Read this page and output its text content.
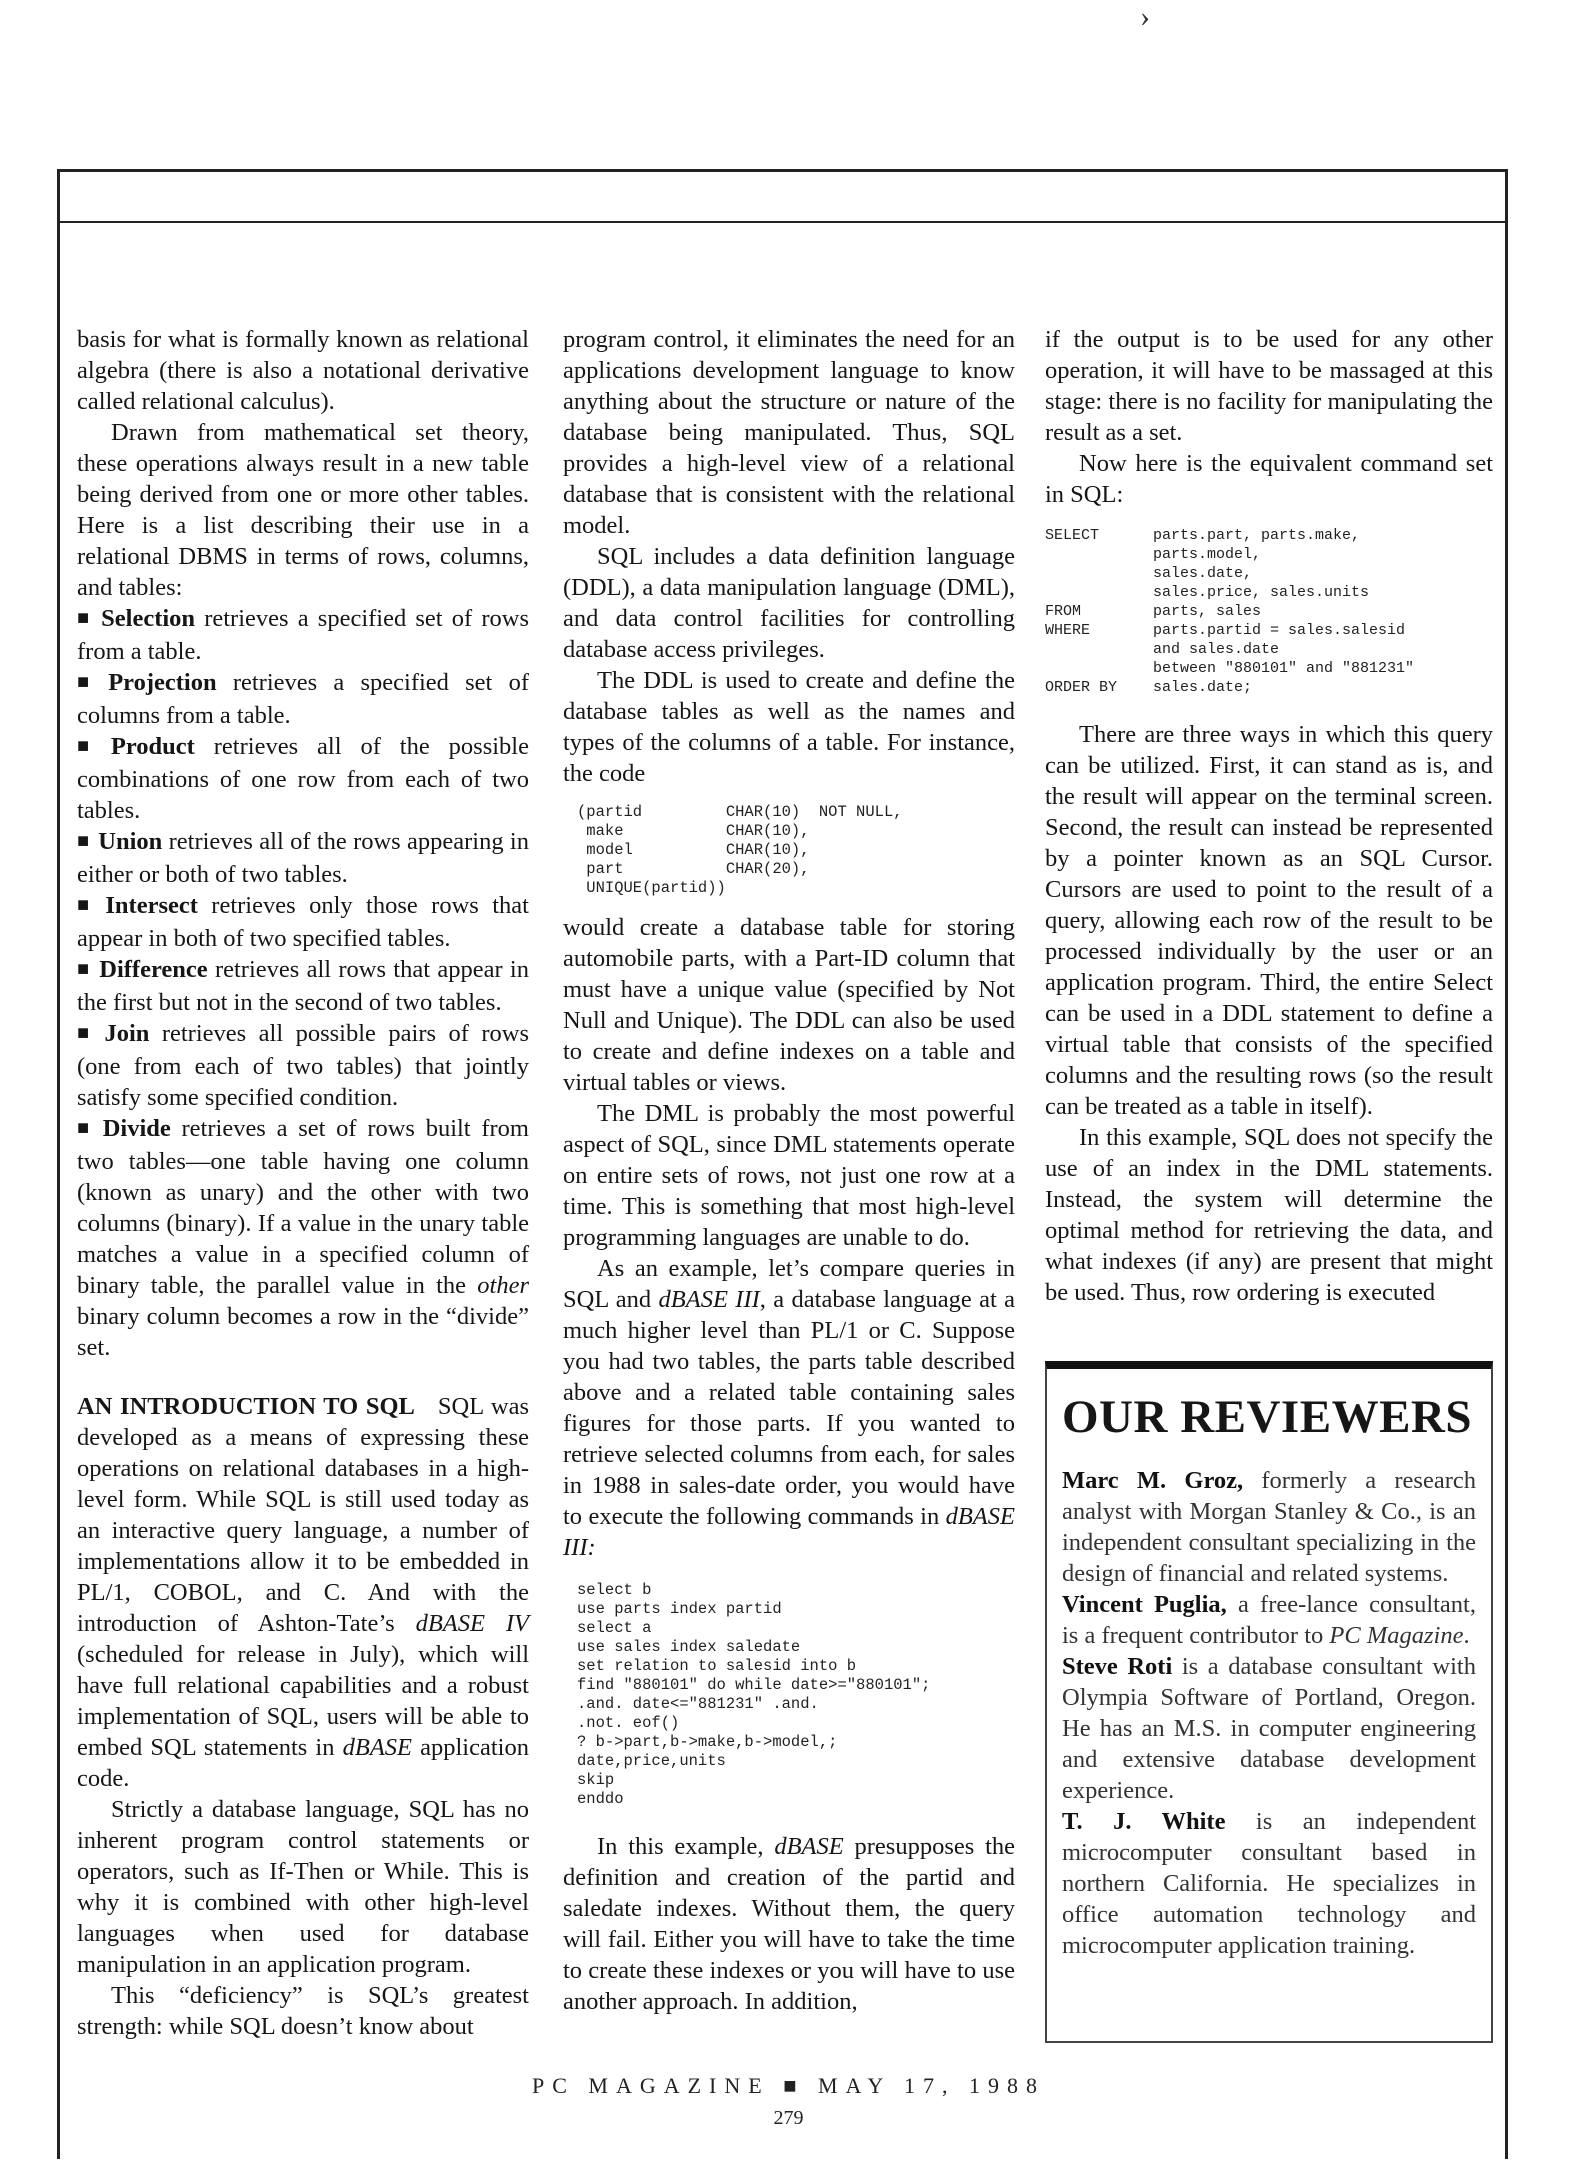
›

basis for what is formally known as relational algebra (there is also a notational derivative called relational calculus).

Drawn from mathematical set theory, these operations always result in a new table being derived from one or more other tables. Here is a list describing their use in a relational DBMS in terms of rows, columns, and tables:

■ Selection retrieves a specified set of rows from a table.

■ Projection retrieves a specified set of columns from a table.

■ Product retrieves all of the possible combinations of one row from each of two tables.

■ Union retrieves all of the rows appearing in either or both of two tables.

■ Intersect retrieves only those rows that appear in both of two specified tables.

■ Difference retrieves all rows that appear in the first but not in the second of two tables.

■ Join retrieves all possible pairs of rows (one from each of two tables) that jointly satisfy some specified condition.

■ Divide retrieves a set of rows built from two tables—one table having one column (known as unary) and the other with two columns (binary). If a value in the unary table matches a value in a specified column of binary table, the parallel value in the other binary column becomes a row in the “divide” set.

AN INTRODUCTION TO SQL SQL was developed as a means of expressing these operations on relational databases in a high-level form. While SQL is still used today as an interactive query language, a number of implementations allow it to be embedded in PL/1, COBOL, and C. And with the introduction of Ashton-Tate’s dBASE IV (scheduled for release in July), which will have full relational capabilities and a robust implementation of SQL, users will be able to embed SQL statements in dBASE application code.

Strictly a database language, SQL has no inherent program control statements or operators, such as If-Then or While. This is why it is combined with other high-level languages when used for database manipulation in an application program.

This “deficiency” is SQL’s greatest strength: while SQL doesn’t know about

program control, it eliminates the need for an applications development language to know anything about the structure or nature of the database being manipulated. Thus, SQL provides a high-level view of a relational database that is consistent with the relational model.

SQL includes a data definition language (DDL), a data manipulation language (DML), and data control facilities for controlling database access privileges.

The DDL is used to create and define the database tables as well as the names and types of the columns of a table. For instance, the code

(partid         CHAR(10)  NOT NULL,
make           CHAR(10),
model          CHAR(10),
part           CHAR(20),
UNIQUE(partid))

would create a database table for storing automobile parts, with a Part-ID column that must have a unique value (specified by Not Null and Unique). The DDL can also be used to create and define indexes on a table and virtual tables or views.

The DML is probably the most powerful aspect of SQL, since DML statements operate on entire sets of rows, not just one row at a time. This is something that most high-level programming languages are unable to do.

As an example, let’s compare queries in SQL and dBASE III, a database language at a much higher level than PL/1 or C. Suppose you had two tables, the parts table described above and a related table containing sales figures for those parts. If you wanted to retrieve selected columns from each, for sales in 1988 in sales-date order, you would have to execute the following commands in dBASE III:

select b
use parts index partid
select a
use sales index saledate
set relation to salesid into b
find "880101" do while date>="880101";
.and. date<="881231" .and.
.not. eof()
? b->part,b->make,b->model,;
date,price,units
skip
enddo

In this example, dBASE presupposes the definition and creation of the partid and saledate indexes. Without them, the query will fail. Either you will have to take the time to create these indexes or you will have to use another approach. In addition,

if the output is to be used for any other operation, it will have to be massaged at this stage: there is no facility for manipulating the result as a set.

Now here is the equivalent command set in SQL:

SELECT      parts.part, parts.make,
parts.model,
sales.date,
sales.price, sales.units
FROM        parts, sales
WHERE       parts.partid = sales.salesid
and sales.date
between "880101" and "881231"
ORDER BY    sales.date;

There are three ways in which this query can be utilized. First, it can stand as is, and the result will appear on the terminal screen. Second, the result can instead be represented by a pointer known as an SQL Cursor. Cursors are used to point to the result of a query, allowing each row of the result to be processed individually by the user or an application program. Third, the entire Select can be used in a DDL statement to define a virtual table that consists of the specified columns and the resulting rows (so the result can be treated as a table in itself).

In this example, SQL does not specify the use of an index in the DML statements. Instead, the system will determine the optimal method for retrieving the data, and what indexes (if any) are present that might be used. Thus, row ordering is executed

OUR REVIEWERS

Marc M. Groz, formerly a research analyst with Morgan Stanley & Co., is an independent consultant specializing in the design of financial and related systems.

Vincent Puglia, a free-lance consultant, is a frequent contributor to PC Magazine.

Steve Roti is a database consultant with Olympia Software of Portland, Oregon. He has an M.S. in computer engineering and extensive database development experience.

T. J. White is an independent microcomputer consultant based in northern California. He specializes in office automation technology and microcomputer application training.

PC MAGAZINE ■ MAY 17, 1988
279
